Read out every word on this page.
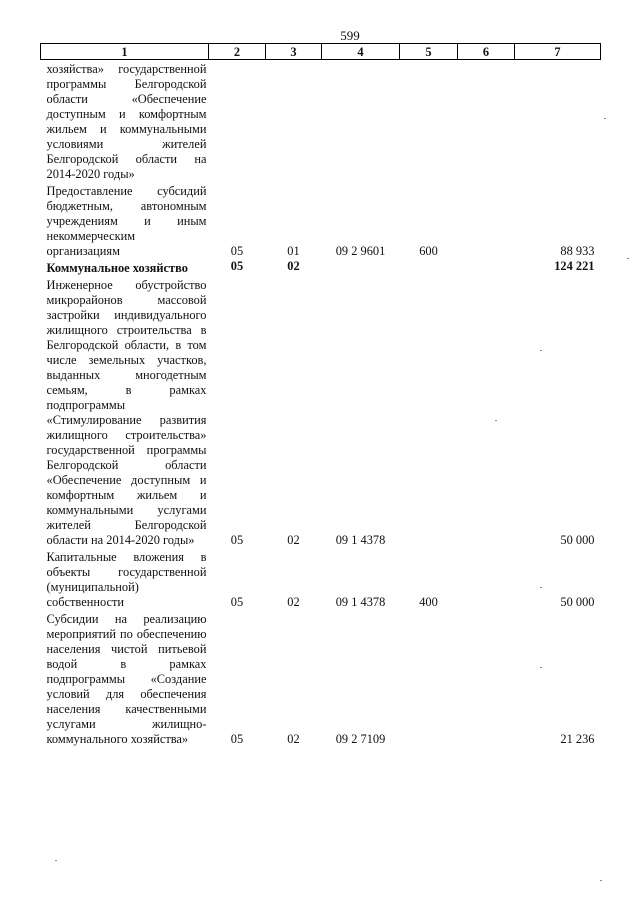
599
1	2	3	4	5	6	7
хозяйства» государственной программы Белгородской области «Обеспечение доступным и комфортным жильем и коммунальными условиями жителей Белгородской области на 2014-2020 годы»						
Предоставление субсидий бюджетным, автономным учреждениям и иным некоммерческим организациям	05	01	09 2 9601	600		88 933
Коммунальное хозяйство	05	02				124 221
Инженерное обустройство микрорайонов массовой застройки индивидуального жилищного строительства в Белгородской области, в том числе земельных участков, выданных многодетным семьям, в рамках подпрограммы «Стимулирование развития жилищного строительства» государственной программы Белгородской области «Обеспечение доступным и комфортным жильем и коммунальными услугами жителей Белгородской области на 2014-2020 годы»	05	02	09 1 4378			50 000
Капитальные вложения в объекты государственной (муниципальной) собственности	05	02	09 1 4378	400		50 000
Субсидии на реализацию мероприятий по обеспечению населения чистой питьевой водой в рамках подпрограммы «Создание условий для обеспечения населения качественными услугами жилищно-коммунального хозяйства»	05	02	09 2 7109			21 236
